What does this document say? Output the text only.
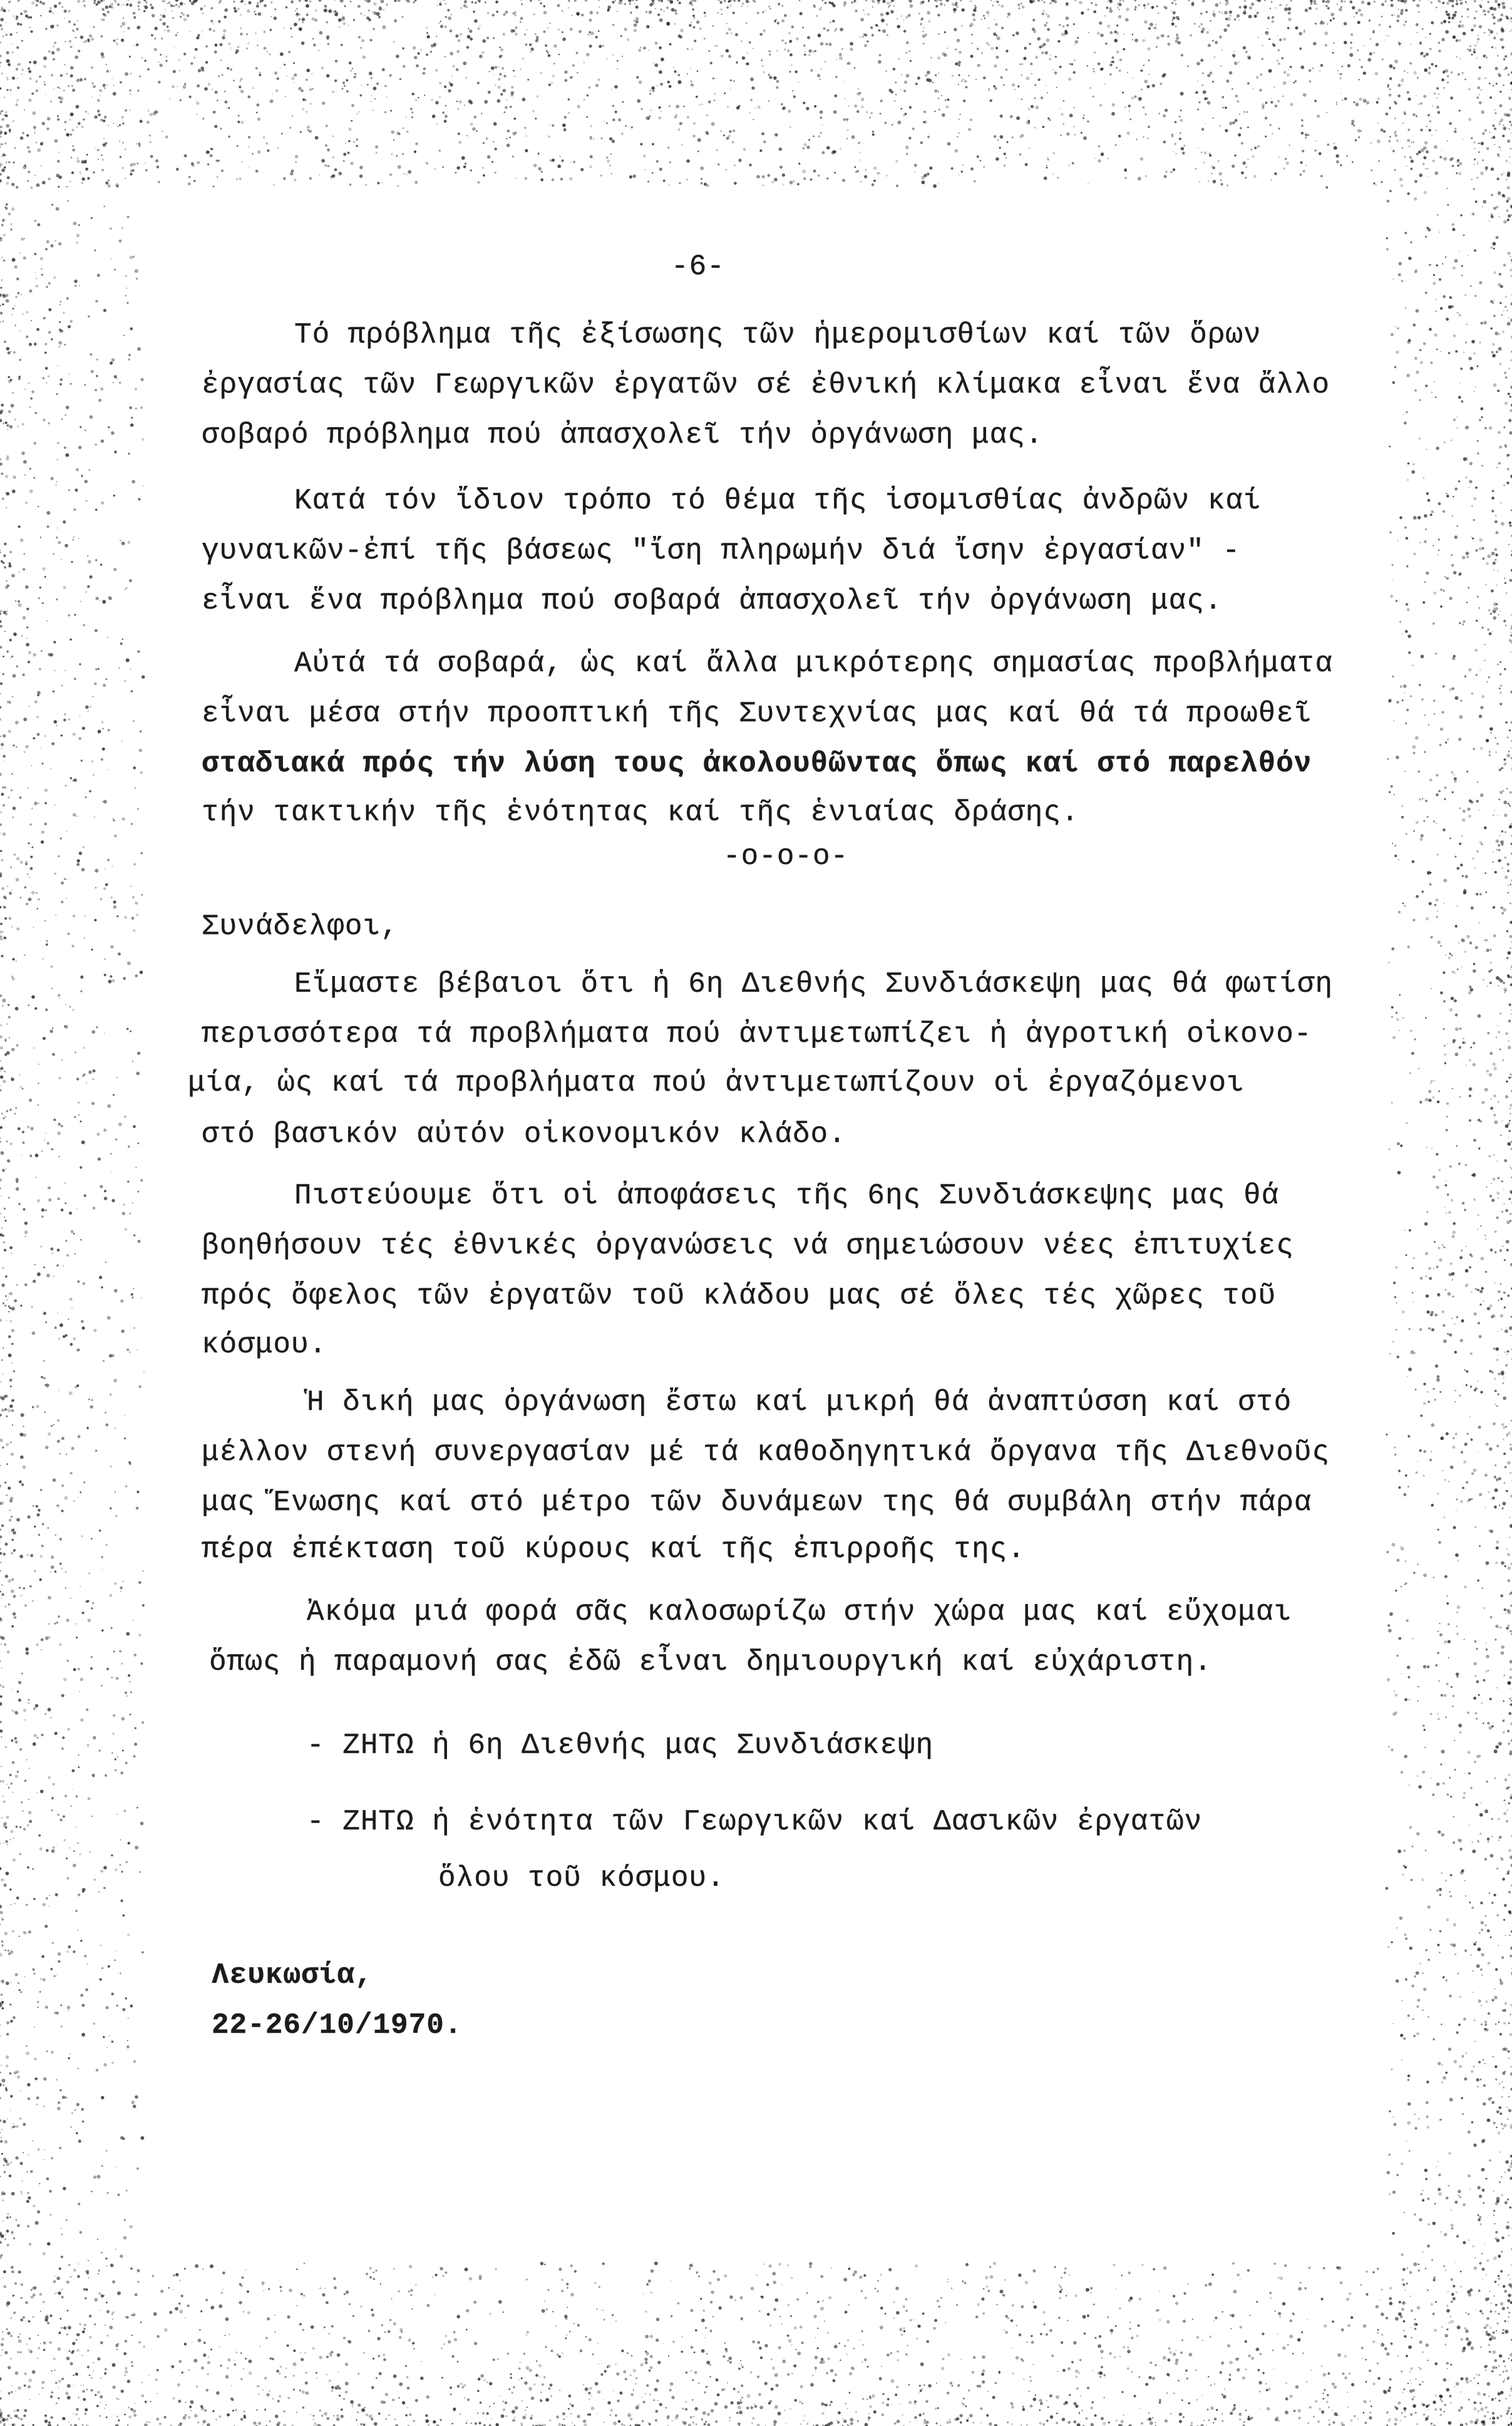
-6-
Τό πρόβλημα τῆς ἐξίσωσης τῶν ἡμερομισθίων καί τῶν ὅρων
ἐργασίας τῶν Γεωργικῶν ἐργατῶν σέ ἐθνική κλίμακα εἶναι ἕνα ἄλλο
σοβαρό πρόβλημα πού ἀπασχολεῖ τήν ὀργάνωση μας.
Κατά τόν ἴδιον τρόπο τό θέμα τῆς ἰσομισθίας ἀνδρῶν καί
γυναικῶν-ἐπί τῆς βάσεως "ἴση πληρωμήν διά ἴσην ἐργασίαν" -
εἶναι ἕνα πρόβλημα πού σοβαρά ἀπασχολεῖ τήν ὀργάνωση μας.
Αὐτά τά σοβαρά, ὡς καί ἄλλα μικρότερης σημασίας προβλήματα
εἶναι μέσα στήν προοπτική τῆς Συντεχνίας μας καί θά τά προωθεῖ
σταδιακά πρός τήν λύση τους ἀκολουθῶντας ὅπως καί στό παρελθόν
τήν τακτικήν τῆς ἑνότητας καί τῆς ἑνιαίας δράσης.
-ο-ο-ο-
Συνάδελφοι,
Εἴμαστε βέβαιοι ὅτι ἡ 6η Διεθνής Συνδιάσκεψη μας θά φωτίση
περισσότερα τά προβλήματα πού ἀντιμετωπίζει ἡ ἀγροτική οἰκονο-
μία, ὡς καί τά προβλήματα πού ἀντιμετωπίζουν οἱ ἐργαζόμενοι
στό βασικόν αὐτόν οἰκονομικόν κλάδο.
Πιστεύουμε ὅτι οἱ ἀποφάσεις τῆς 6ης Συνδιάσκεψης μας θά
βοηθήσουν τές ἐθνικές ὀργανώσεις νά σημειώσουν νέες ἐπιτυχίες
πρός ὄφελος τῶν ἐργατῶν τοῦ κλάδου μας σέ ὅλες τές χῶρες τοῦ
κόσμου.
Ἡ δική μας ὀργάνωση ἔστω καί μικρή θά ἀναπτύσση καί στό
μέλλον στενή συνεργασίαν μέ τά καθοδηγητικά ὄργανα τῆς Διεθνοῦς
μας Ἕνωσης καί στό μέτρο τῶν δυνάμεων της θά συμβάλη στήν πάρα
πέρα ἐπέκταση τοῦ κύρους καί τῆς ἐπιρροῆς της.
Ἀκόμα μιά φορά σᾶς καλοσωρίζω στήν χώρα μας καί εὔχομαι
ὅπως ἡ παραμονή σας ἐδῶ εἶναι δημιουργική καί εὐχάριστη.
- ΖΗΤΩ ἡ 6η Διεθνής μας Συνδιάσκεψη
- ΖΗΤΩ ἡ ἑνότητα τῶν Γεωργικῶν καί Δασικῶν ἐργατῶν
ὅλου τοῦ κόσμου.
Λευκωσία,
22-26/10/1970.
